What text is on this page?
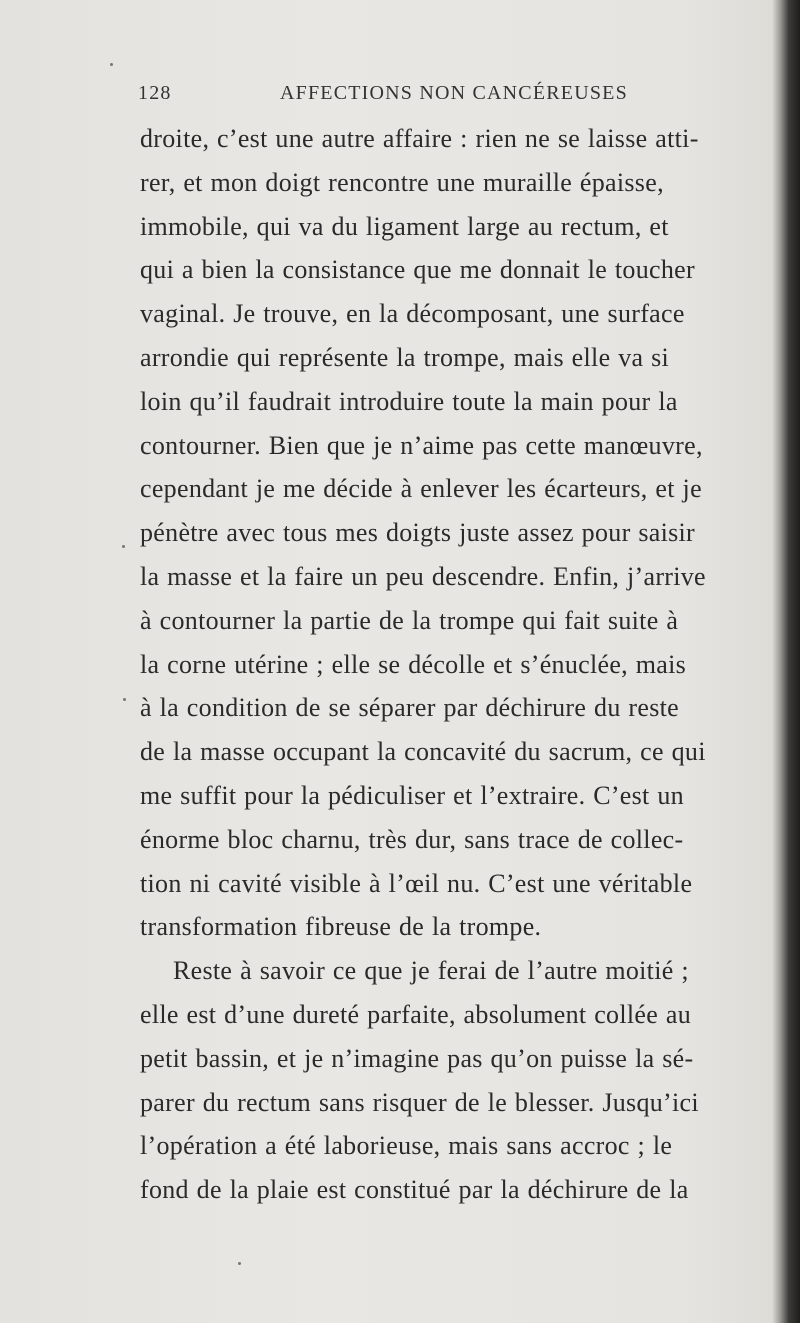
128	AFFECTIONS NON CANCÉREUSES
droite, c’est une autre affaire : rien ne se laisse atti-
rer, et mon doigt rencontre une muraille épaisse,
immobile, qui va du ligament large au rectum, et
qui a bien la consistance que me donnait le toucher
vaginal. Je trouve, en la décomposant, une surface
arrondie qui représente la trompe, mais elle va si
loin qu’il faudrait introduire toute la main pour la
contourner. Bien que je n’aime pas cette manœuvre,
cependant je me décide à enlever les écarteurs, et je
pénètre avec tous mes doigts juste assez pour saisir
la masse et la faire un peu descendre. Enfin, j’arrive
à contourner la partie de la trompe qui fait suite à
la corne utérine ; elle se décolle et s’énuclée, mais
à la condition de se séparer par déchirure du reste
de la masse occupant la concavité du sacrum, ce qui
me suffit pour la pédiculiser et l’extraire. C’est un
énorme bloc charnu, très dur, sans trace de collec-
tion ni cavité visible à l’œil nu. C’est une véritable
transformation fibreuse de la trompe.
Reste à savoir ce que je ferai de l’autre moitié ;
elle est d’une dureté parfaite, absolument collée au
petit bassin, et je n’imagine pas qu’on puisse la sé-
parer du rectum sans risquer de le blesser. Jusqu’ici
l’opération a été laborieuse, mais sans accroc ; le
fond de la plaie est constitué par la déchirure de la
